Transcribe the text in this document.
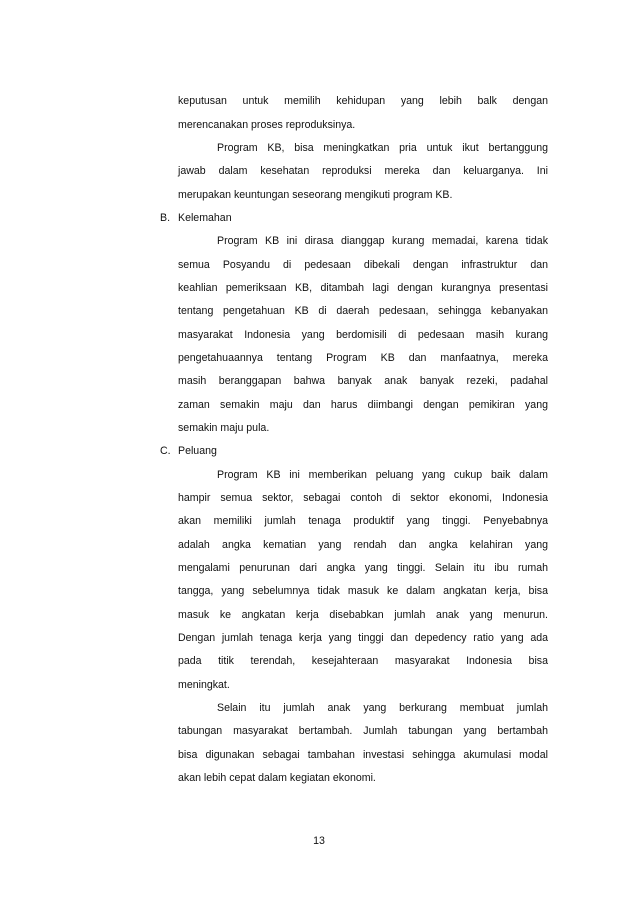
keputusan untuk memilih kehidupan yang lebih balk dengan
merencanakan proses reproduksinya.
Program KB, bisa meningkatkan pria untuk ikut bertanggung
jawab dalam kesehatan reproduksi mereka dan keluarganya. Ini
merupakan keuntungan seseorang mengikuti program KB.
B. Kelemahan
Program KB ini dirasa dianggap kurang memadai, karena tidak
semua Posyandu di pedesaan dibekali dengan infrastruktur dan
keahlian pemeriksaan KB, ditambah lagi dengan kurangnya presentasi
tentang pengetahuan KB di daerah pedesaan, sehingga kebanyakan
masyarakat Indonesia yang berdomisili di pedesaan masih kurang
pengetahuaannya tentang Program KB dan manfaatnya, mereka
masih beranggapan bahwa banyak anak banyak rezeki, padahal
zaman semakin maju dan harus diimbangi dengan pemikiran yang
semakin maju pula.
C. Peluang
Program KB ini memberikan peluang yang cukup baik dalam
hampir semua sektor, sebagai contoh di sektor ekonomi, Indonesia
akan memiliki jumlah tenaga produktif yang tinggi. Penyebabnya
adalah angka kematian yang rendah dan angka kelahiran yang
mengalami penurunan dari angka yang tinggi. Selain itu ibu rumah
tangga, yang sebelumnya tidak masuk ke dalam angkatan kerja, bisa
masuk ke angkatan kerja disebabkan jumlah anak yang menurun.
Dengan jumlah tenaga kerja yang tinggi dan depedency ratio yang ada
pada titik terendah, kesejahteraan masyarakat Indonesia bisa
meningkat.
Selain itu jumlah anak yang berkurang membuat jumlah
tabungan masyarakat bertambah. Jumlah tabungan yang bertambah
bisa digunakan sebagai tambahan investasi sehingga akumulasi modal
akan lebih cepat dalam kegiatan ekonomi.
13
